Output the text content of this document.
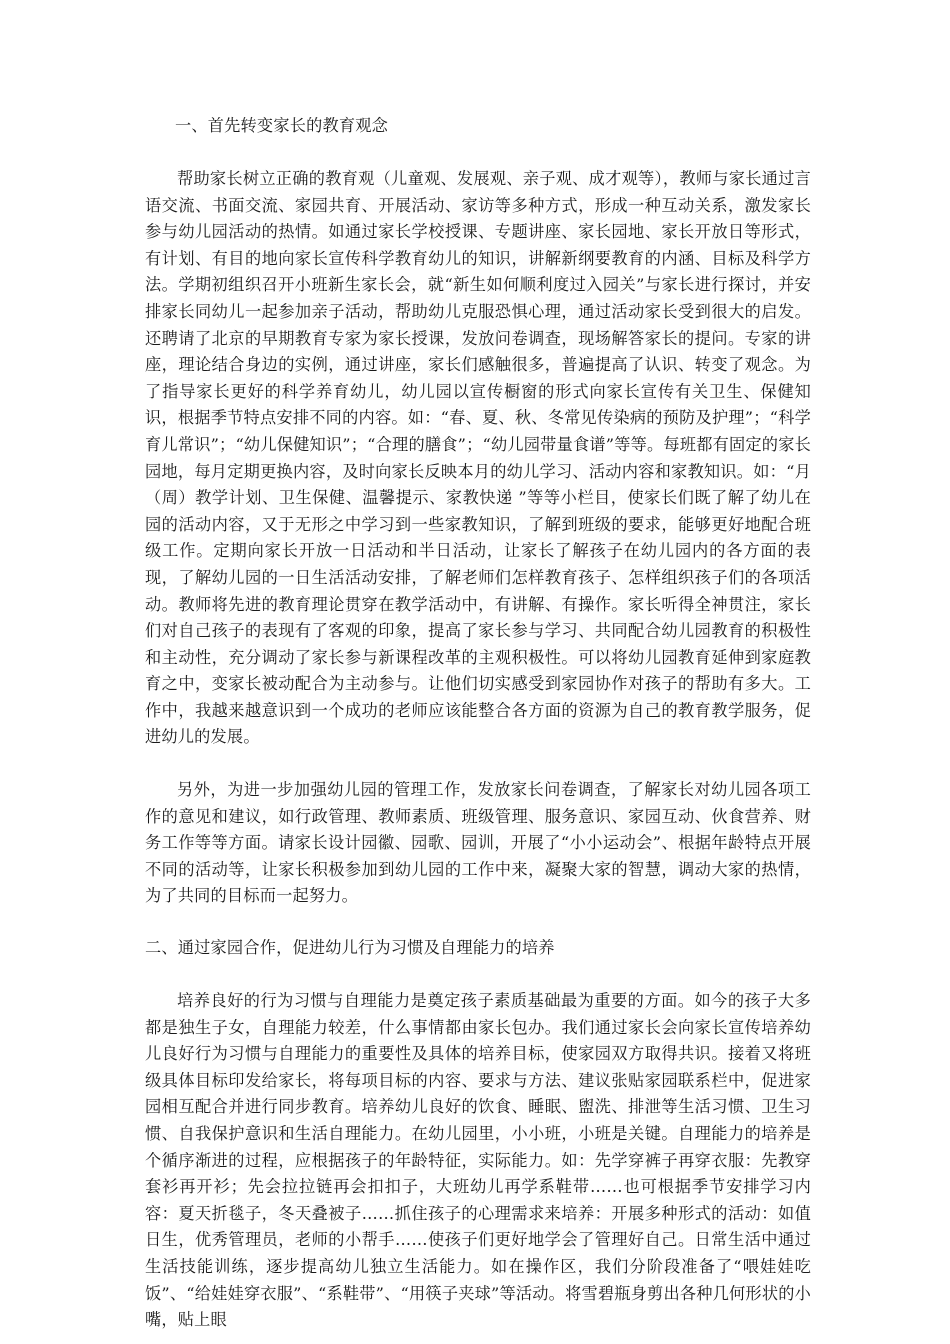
一、首先转变家长的教育观念

帮助家长树立正确的教育观（儿童观、发展观、亲子观、成才观等），教师与家长通过言语交流、书面交流、家园共育、开展活动、家访等多种方式，形成一种互动关系，激发家长参与幼儿园活动的热情。如通过家长学校授课、专题讲座、家长园地、家长开放日等形式，有计划、有目的地向家长宣传科学教育幼儿的知识，讲解新纲要教育的内涵、目标及科学方法。学期初组织召开小班新生家长会，就“新生如何顺利度过入园关”与家长进行探讨，并安排家长同幼儿一起参加亲子活动，帮助幼儿克服恐惧心理，通过活动家长受到很大的启发。还聘请了北京的早期教育专家为家长授课，发放问卷调查，现场解答家长的提问。专家的讲座，理论结合身边的实例，通过讲座，家长们感触很多，普遍提高了认识、转变了观念。为了指导家长更好的科学养育幼儿，幼儿园以宣传橱窗的形式向家长宣传有关卫生、保健知识，根据季节特点安排不同的内容。如：“春、夏、秋、冬常见传染病的预防及护理”；“科学育儿常识”；“幼儿保健知识”；“合理的膳食”；“幼儿园带量食谱”等等。每班都有固定的家长园地，每月定期更换内容，及时向家长反映本月的幼儿学习、活动内容和家教知识。如：“月（周）教学计划、卫生保健、温馨提示、家教快递 ”等等小栏目，使家长们既了解了幼儿在园的活动内容，又于无形之中学习到一些家教知识，了解到班级的要求，能够更好地配合班级工作。定期向家长开放一日活动和半日活动，让家长了解孩子在幼儿园内的各方面的表现，了解幼儿园的一日生活活动安排，了解老师们怎样教育孩子、怎样组织孩子们的各项活动。教师将先进的教育理论贯穿在教学活动中，有讲解、有操作。家长听得全神贯注，家长们对自己孩子的表现有了客观的印象，提高了家长参与学习、共同配合幼儿园教育的积极性和主动性，充分调动了家长参与新课程改革的主观积极性。可以将幼儿园教育延伸到家庭教育之中，变家长被动配合为主动参与。让他们切实感受到家园协作对孩子的帮助有多大。工作中，我越来越意识到一个成功的老师应该能整合各方面的资源为自己的教育教学服务，促进幼儿的发展。

另外，为进一步加强幼儿园的管理工作，发放家长问卷调查，了解家长对幼儿园各项工作的意见和建议，如行政管理、教师素质、班级管理、服务意识、家园互动、伙食营养、财务工作等等方面。请家长设计园徽、园歌、园训，开展了“小小运动会”、根据年龄特点开展不同的活动等，让家长积极参加到幼儿园的工作中来，凝聚大家的智慧，调动大家的热情，为了共同的目标而一起努力。

二、通过家园合作，促进幼儿行为习惯及自理能力的培养

培养良好的行为习惯与自理能力是奠定孩子素质基础最为重要的方面。如今的孩子大多都是独生子女，自理能力较差，什么事情都由家长包办。我们通过家长会向家长宣传培养幼儿良好行为习惯与自理能力的重要性及具体的培养目标，使家园双方取得共识。接着又将班级具体目标印发给家长，将每项目标的内容、要求与方法、建议张贴家园联系栏中，促进家园相互配合并进行同步教育。培养幼儿良好的饮食、睡眠、盥洗、排泄等生活习惯、卫生习惯、自我保护意识和生活自理能力。在幼儿园里，小小班，小班是关键。自理能力的培养是个循序渐进的过程，应根据孩子的年龄特征，实际能力。如：先学穿裤子再穿衣服：先教穿套衫再开衫；先会拉拉链再会扣扣子，大班幼儿再学系鞋带……也可根据季节安排学习内容：夏天折毯子，冬天叠被子……抓住孩子的心理需求来培养：开展多种形式的活动：如值日生，优秀管理员，老师的小帮手……使孩子们更好地学会了管理好自己。日常生活中通过生活技能训练，逐步提高幼儿独立生活能力。如在操作区，我们分阶段准备了“喂娃娃吃饭”、“给娃娃穿衣服”、“系鞋带”、“用筷子夹球”等活动。将雪碧瓶身剪出各种几何形状的小嘴，贴上眼
